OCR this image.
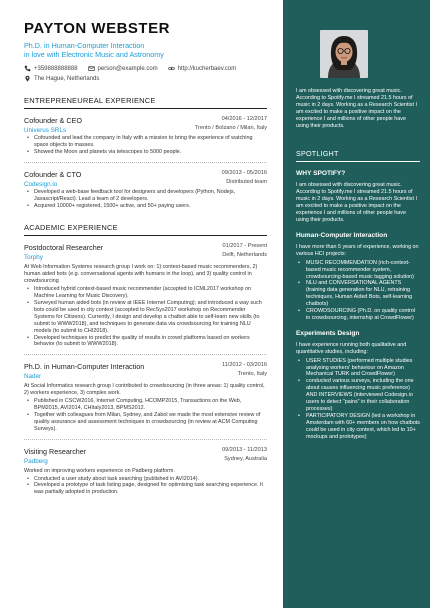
PAYTON WEBSTER
Ph.D. in Human-Computer Interaction
in love with Electronic Music and Astronomy
+359888888888	person@example.com	http://kucherbaev.com
The Hague, Netherlands
ENTREPRENEUREAL EXPERIENCE
Cofounder & CEO	04/2016 - 12/2017
Univerus SRLs	Trento / Bolzano / Milan, Italy
• Cofounded and lead the company in Italy with a mission to bring the experience of watching space objects to masses.
• Showed the Moon and planets via telescopes to 5000 people.
Cofounder & CTO	09/2013 - 05/2016
Codesign.io	Distributed team
• Developed a web-base feedback tool for designers and developers (Python, Nodejs, Javascript/React). Lead a team of 2 developers.
• Acquired 10000+ registered, 1500+ active, and 50+ paying users.
ACADEMIC EXPERIENCE
Postdoctoral Researcher	01/2017 - Present
Torphy	Delft, Netherlands
At Web Information Systems research group I work on: 1) context-based music recommenders, 2) human aided bots (e.g. conversational agents with humans in the loop), and 3) quality control in crowdsourcing
• Introduced hybrid context-based music recommender (accepted to ICML2017 workshop on Machine Learning for Music Discovery).
• Surveyed human aided bots (in review at IEEE Internet Computing); and introduced a way such bots could be used in city context (accepted to RecSys2017 workshop on Recommender Systems for Citizens). Currently, I design and develop a chatbot able to self-learn new skills (to submit to WWW2018), and techniques to generate data via crowdsourcing for training NLU models (to submit to CHI2018).
• Developed techniques to predict the quality of results in crowd platforms based on workers behavior (to submit to WWW2018).
Ph.D. in Human-Computer Interaction	11/2012 - 03/2016
Nader	Trento, Italy
At Social Informatics research group I contributed to crowdsourcing (in three areas: 1) quality control, 2) workers experience, 3) complex work.
• Published in CSCW2016, Internet Computing, HCOMP2015, Transactions on the Web, BPM2015, AVI2014, CHItaly2013, BPMS2012.
• Together with colleagues from Milan, Sydney, and Zabol we made the most extensive review of quality assurance and assessment techniques in crowdsourcing (in review at ACM Computing Surveys).
Visiting Researcher	09/2013 - 11/2013
Padberg	Sydney, Australia
Worked on improving workers experience on Padberg platform.
• Conducted a user study about task searching (published in AVI2014).
• Developed a prototype of task listing page, designed for optimising task searching experience. It was partially adopted in production.
I am obsessed with discovering great music. According to Spotify.me I streamed 21.5 hours of music in 2 days. Working as a Research Scientist I am excited to make a positive impact on the experience I and millions of other people have using their products.
SPOTLIGHT
WHY SPOTIFY?
I am obsessed with discovering great music. According to Spotify.me I streamed 21.5 hours of music in 2 days. Working as a Research Scientist I am excited to make a positive impact on the experience I and millions of other people have using their products.
Human-Computer Interaction
I have more than 5 years of experience, working on various HCI projects:
• MUSIC RECOMMENDATION (rich-context-based music recommender system, crowdsourcing-based music tagging solution)
• NLU and CONVERSATIONAL AGENTS (training data generation for NLU, retraining techniques, Human Aided Bots, self-learning chatbots)
• CROWDSOURCING (Ph.D. on quality control in crowdsourcing, internship at CrowdFlower)
Experiments Design
I have experience running both qualitative and quantitative studies, including:
• USER STUDIES (performed multiple studies analysing workers' behaviour on Amazon Mechanical TURK and CrowdFlower)
• conducted various surveys, including the one about causes influencing music preference) AND INTERVIEWS (interviewed Codesign.io users to detect "pains" in their collaboration processes)
• PARTICIPATORY DESIGN (led a workshop in Amsterdam with 60+ members on how chatbots could be used in city context, which led to 10+ mockups and prototypes)
